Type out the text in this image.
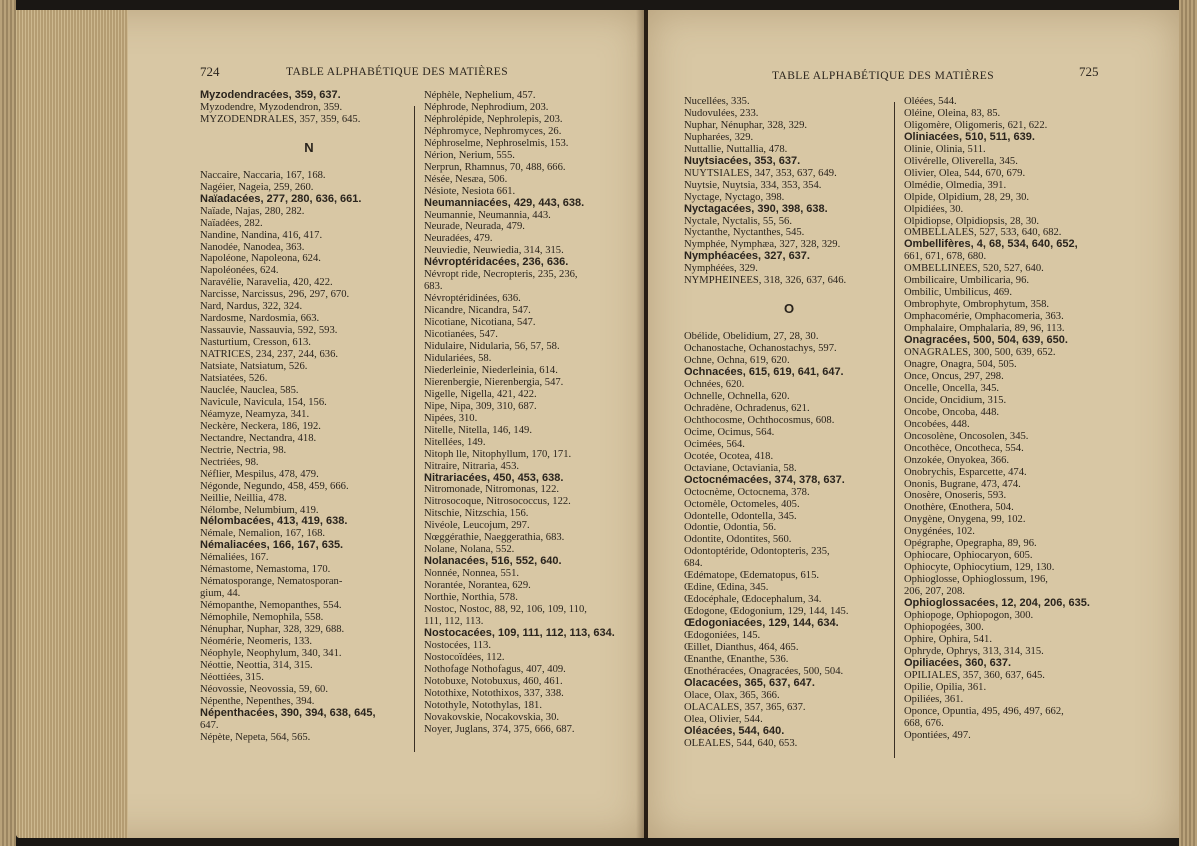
724	TABLE ALPHABÉTIQUE DES MATIÈRES
Myzodendracées, 359, 637.
Myzodendre, Myzodendron, 359.
MYZODENDRALES, 357, 359, 645.
N
Naccaire, Naccaria, 167, 168.
Nagéier, Nageia, 259, 260.
Naïadacées, 277, 280, 636, 661.
Naïade, Najas, 280, 282.
Naïadées, 282.
Nandine, Nandina, 416, 417.
Nanodée, Nanodea, 363.
Napoléone, Napoleona, 624.
Napoléonées, 624.
Naravélie, Naravelia, 420, 422.
Narcisse, Narcissus, 296, 297, 670.
Nard, Nardus, 322, 324.
Nardosme, Nardosmia, 663.
Nassauvie, Nassauvia, 592, 593.
Nasturtium, Cresson, 613.
NATRICES, 234, 237, 244, 636.
Natsiate, Natsiatum, 526.
Natsiatées, 526.
Nauclée, Nauclea, 585.
Navicule, Navicula, 154, 156.
Néamyze, Neamyza, 341.
Neckère, Neckera, 186, 192.
Nectandre, Nectandra, 418.
Nectrie, Nectria, 98.
Nectriées, 98.
Néflier, Mespilus, 478, 479.
Négonde, Negundo, 458, 459, 666.
Neillie, Neillia, 478.
Nélombe, Nelumbium, 419.
Nélombacées, 413, 419, 638.
Némale, Nemalion, 167, 168.
Némaliacées, 166, 167, 635.
Némaliées, 167.
Némastome, Nemastoma, 170.
Nématosporange, Nematosporan-
gium, 44.
Némopanthe, Nemopanthes, 554.
Némophile, Nemophila, 558.
Nénuphar, Nuphar, 328, 329, 688.
Néomérie, Neomeris, 133.
Néophyle, Neophylum, 340, 341.
Néottie, Neottia, 314, 315.
Néottiées, 315.
Néovossie, Neovossia, 59, 60.
Népenthe, Nepenthes, 394.
Népenthacées, 390, 394, 638, 645,
647.
Népète, Nepeta, 564, 565.
Néphèle, Nephelium, 457.
Néphrode, Nephrodium, 203.
Néphrolépide, Nephrolepis, 203.
Néphromyce, Nephromyces, 26.
Néphroselme, Nephroselmis, 153.
Nérion, Nerium, 555.
Nerprun, Rhamnus, 70, 488, 666.
Nésée, Nesæa, 506.
Nésiote, Nesiota 661.
Neumanniacées, 429, 443, 638.
Neumannie, Neumannia, 443.
Neurade, Neurada, 479.
Neuradées, 479.
Neuviedie, Neuwiedia, 314, 315.
Névroptéridacées, 236, 636.
Névropt ride, Necropteris, 235, 236,
683.
Névroptéridinées, 636.
Nicandre, Nicandra, 547.
Nicotiane, Nicotiana, 547.
Nicotianées, 547.
Nidulaire, Nidularia, 56, 57, 58.
Nidulariées, 58.
Niederleinie, Niederleinia, 614.
Nierenbergie, Nierenbergia, 547.
Nigelle, Nigella, 421, 422.
Nipe, Nipa, 309, 310, 687.
Nipées, 310.
Nitelle, Nitella, 146, 149.
Nitellées, 149.
Nitoph lle, Nitophyllum, 170, 171.
Nitraire, Nitraria, 453.
Nitrariacées, 450, 453, 638.
Nitromonade, Nitromonas, 122.
Nitrosocoque, Nitrosococcus, 122.
Nitschie, Nitzschia, 156.
Nivéole, Leucojum, 297.
Nœggérathie, Naeggerathia, 683.
Nolane, Nolana, 552.
Nolanacées, 516, 552, 640.
Nonnée, Nonnea, 551.
Norantée, Norantea, 629.
Northie, Northia, 578.
Nostoc, Nostoc, 88, 92, 106, 109, 110,
111, 112, 113.
Nostocacées, 109, 111, 112, 113, 634.
Nostocées, 113.
Nostocoïdées, 112.
Nothofage Nothofagus, 407, 409.
Notobuxe, Notobuxus, 460, 461.
Notothixe, Notothixos, 337, 338.
Notothyle, Notothylas, 181.
Novakovskie, Nocakovskia, 30.
Noyer, Juglans, 374, 375, 666, 687.
725
TABLE ALPHABÉTIQUE DES MATIÈRES
Nucellées, 335.
Nudovulées, 233.
Nuphar, Nénuphar, 328, 329.
Nupharées, 329.
Nuttallie, Nuttallia, 478.
Nuytsiacées, 353, 637.
NUYTSIALES, 347, 353, 637, 649.
Nuytsie, Nuytsia, 334, 353, 354.
Nyctage, Nyctago, 398.
Nyctagacées, 390, 398, 638.
Nyctale, Nyctalis, 55, 56.
Nyctanthe, Nyctanthes, 545.
Nymphée, Nymphæa, 327, 328, 329.
Nymphéacées, 327, 637.
Nymphéées, 329.
NYMPHÉINÉES, 318, 326, 637, 646.
O
Obélide, Obelidium, 27, 28, 30.
Ochanostache, Ochanostachys, 597.
Ochne, Ochna, 619, 620.
Ochnacées, 615, 619, 641, 647.
Ochnées, 620.
Ochnelle, Ochnella, 620.
Ochradène, Ochradenus, 621.
Ochthocosme, Ochthocosmus, 608.
Ocime, Ocimus, 564.
Ocimées, 564.
Ocotée, Ocotea, 418.
Octaviane, Octaviania, 58.
Octocnémacées, 374, 378, 637.
Octocnème, Octocnema, 378.
Octomèle, Octomeles, 405.
Odontelle, Odontella, 345.
Odontie, Odontia, 56.
Odontite, Odontites, 560.
Odontoptéride, Odontopteris, 235,
684.
Œdématope, Œdematopus, 615.
Œdine, Œdina, 345.
Œdocéphale, Œdocephalum, 34.
Œdogone, Œdogonium, 129, 144, 145.
Œdogoniacées, 129, 144, 634.
Œdogoniées, 145.
Œillet, Dianthus, 464, 465.
Œnanthe, Œnanthe, 536.
Œnothéracées, Onagracées, 500, 504.
Olacacées, 365, 637, 647.
Olace, Olax, 365, 366.
OLACALES, 357, 365, 637.
Olea, Olivier, 544.
Oléacées, 544, 640.
OLÉALES, 544, 640, 653.
Oléées, 544.
Oléine, Oleina, 83, 85.
Oligomère, Oligomeris, 621, 622.
Oliniacées, 510, 511, 639.
Olinie, Olinia, 511.
Olivérelle, Oliverella, 345.
Olivier, Olea, 544, 670, 679.
Olmédie, Olmedia, 391.
Olpide, Olpidium, 28, 29, 30.
Olpidiées, 30.
Olpidiopse, Olpidiopsis, 28, 30.
OMBELLALES, 527, 533, 640, 682.
Ombellifères, 4, 68, 534, 640, 652,
661, 671, 678, 680.
OMBELLINÉES, 520, 527, 640.
Ombilicaire, Umbilicaria, 96.
Ombilic, Umbilicus, 469.
Ombrophyte, Ombrophytum, 358.
Omphacomérie, Omphacomeria, 363.
Omphalaire, Omphalaria, 89, 96, 113.
Onagracées, 500, 504, 639, 650.
ONAGRALES, 300, 500, 639, 652.
Onagre, Onagra, 504, 505.
Once, Oncus, 297, 298.
Oncelle, Oncella, 345.
Oncide, Oncidium, 315.
Oncobe, Oncoba, 448.
Oncobées, 448.
Oncosolène, Oncosolen, 345.
Oncothèce, Oncotheca, 554.
Onzokée, Onyokea, 366.
Onobrychis, Esparcette, 474.
Ononis, Bugrane, 473, 474.
Onosère, Onoseris, 593.
Onothère, Œnothera, 504.
Onygène, Onygena, 99, 102.
Onygénées, 102.
Opégraphe, Opegrapha, 89, 96.
Ophiocare, Ophiocaryon, 605.
Ophiocyte, Ophiocytium, 129, 130.
Ophioglosse, Ophioglossum, 196,
206, 207, 208.
Ophioglossacées, 12, 204, 206, 635.
Ophiopoge, Ophiopogon, 300.
Ophiopogées, 300.
Ophire, Ophira, 541.
Ophryde, Ophrys, 313, 314, 315.
Opiliacées, 360, 637.
OPILIALES, 357, 360, 637, 645.
Opilie, Opilia, 361.
Opiliées, 361.
Oponce, Opuntia, 495, 496, 497, 662,
668, 676.
Opontiées, 497.
